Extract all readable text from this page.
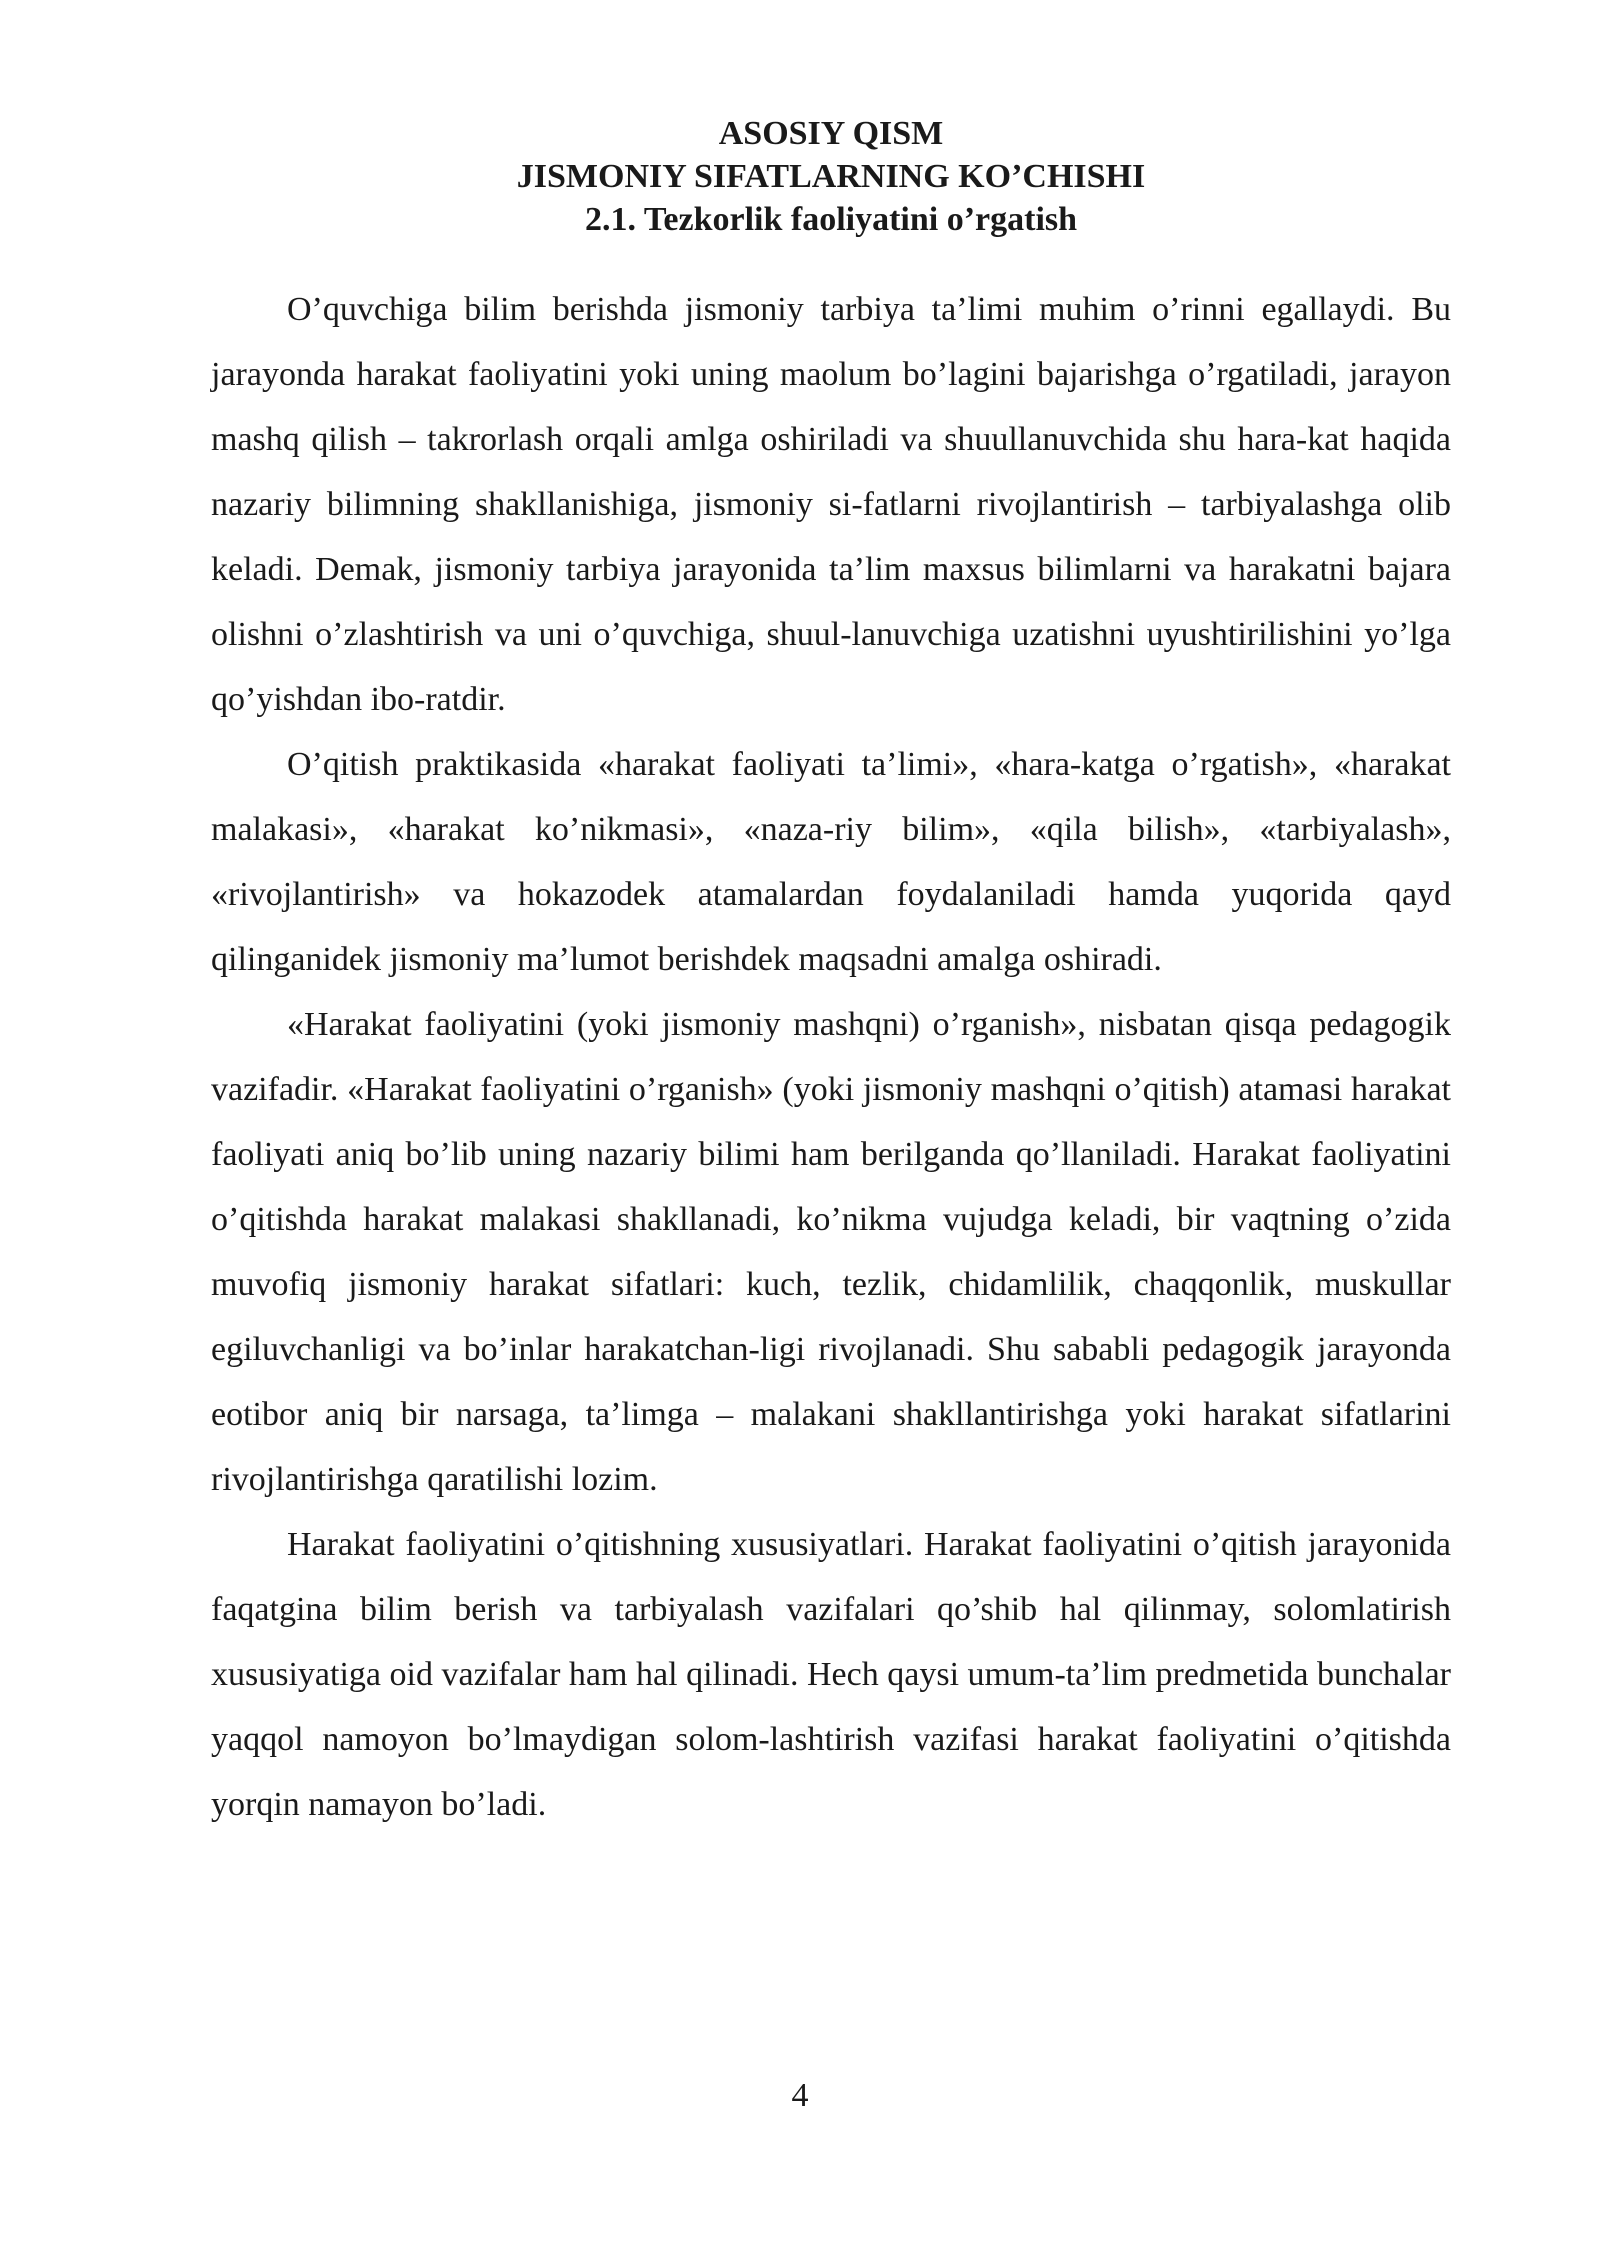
ASOSIY QISM
JISMONIY SIFATLARNING KO’CHISHI
2.1. Tezkorlik faoliyatini o’rgatish

O’quvchiga bilim berishda jismoniy tarbiya ta’limi muhim o’rinni egallaydi. Bu jarayonda harakat faoliyatini yoki uning maolum bo’lagini bajarishga o’rgatiladi, jarayon mashq qilish – takrorlash orqali amlga oshiriladi va shuullanuvchida shu hara-kat haqida nazariy bilimning shakllanishiga, jismoniy si-fatlarni rivojlantirish – tarbiyalashga olib keladi. Demak, jismoniy tarbiya jarayonida ta’lim maxsus bilimlarni va harakatni bajara olishni o’zlashtirish va uni o’quvchiga, shuul-lanuvchiga uzatishni uyushtirilishini yo’lga qo’yishdan ibo-ratdir.

O’qitish praktikasida «harakat faoliyati ta’limi», «hara-katga o’rgatish», «harakat malakasi», «harakat ko’nikmasi», «naza-riy bilim», «qila bilish», «tarbiyalash», «rivojlantirish» va hokazodek atamalardan foydalaniladi hamda yuqorida qayd qilinganidek jismoniy ma’lumot berishdek maqsadni amalga oshiradi.

«Harakat faoliyatini (yoki jismoniy mashqni) o’rganish», nisbatan qisqa pedagogik vazifadir. «Harakat faoliyatini o’rganish» (yoki jismoniy mashqni o’qitish) atamasi harakat faoliyati aniq bo’lib uning nazariy bilimi ham berilganda qo’llaniladi. Harakat faoliyatini o’qitishda harakat malakasi shakllanadi, ko’nikma vujudga keladi, bir vaqtning o’zida muvofiq jismoniy harakat sifatlari: kuch, tezlik, chidamlilik, chaqqonlik, muskullar egiluvchanligi va bo’inlar harakatchan-ligi rivojlanadi. Shu sababli pedagogik jarayonda eotibor aniq bir narsaga, ta’limga – malakani shakllantirishga yoki harakat sifatlarini rivojlantirishga qaratilishi lozim.

Harakat faoliyatini o’qitishning xususiyatlari. Harakat faoliyatini o’qitish jarayonida faqatgina bilim berish va tarbiyalash vazifalari qo’shib hal qilinmay, solomlatirish xususiyatiga oid vazifalar ham hal qilinadi. Hech qaysi umum-ta’lim predmetida bunchalar yaqqol namoyon bo’lmaydigan solom-lashtirish vazifasi harakat faoliyatini o’qitishda yorqin namayon bo’ladi.

4
